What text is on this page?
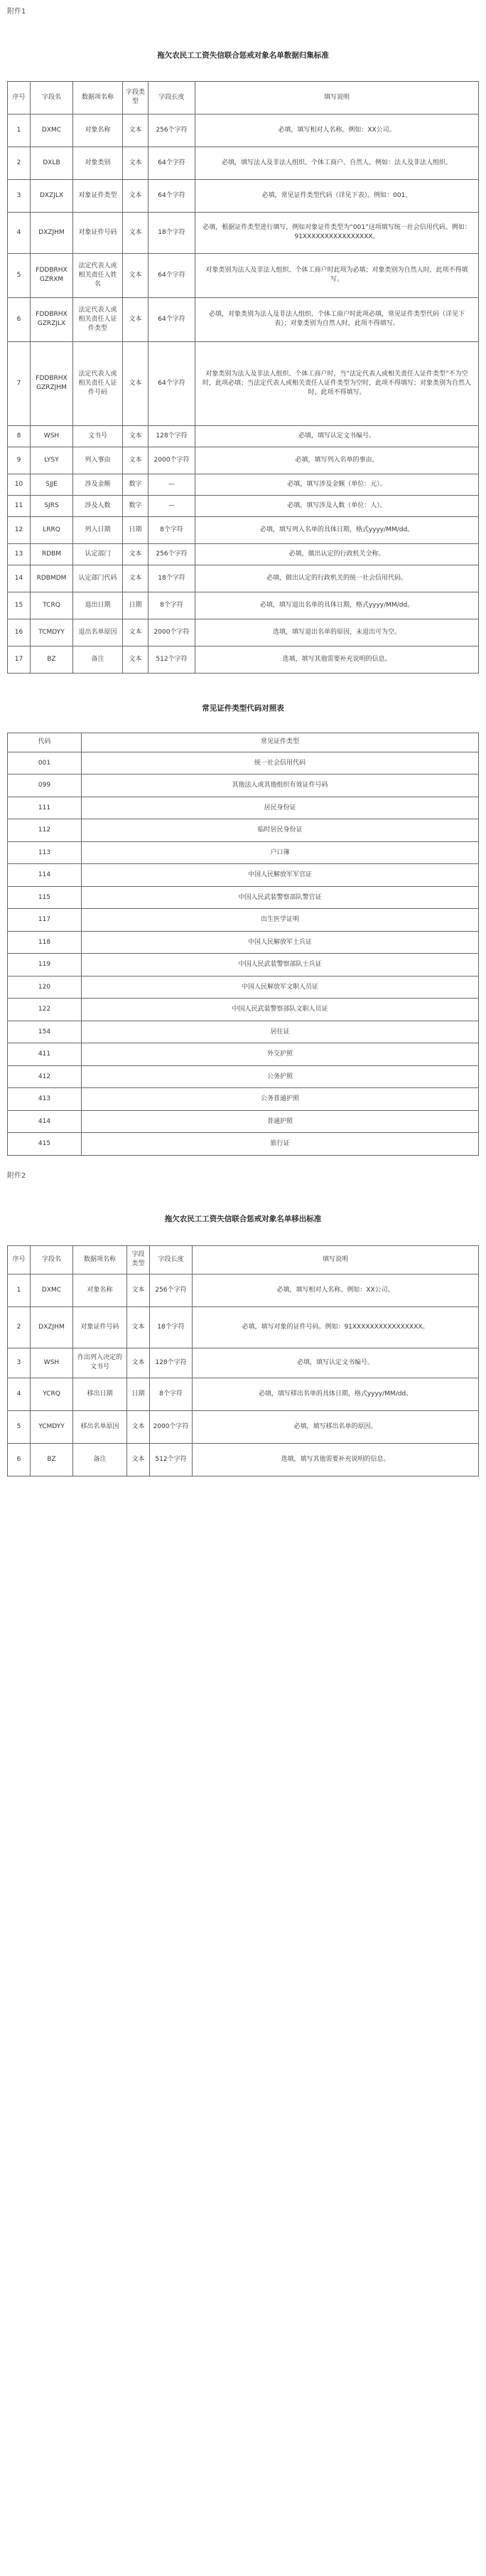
附件1
拖欠农民工工资失信联合惩戒对象名单数据归集标准
序号	字段名	数据项名称	字段类型	字段长度	填写说明
1	DXMC	对象名称	文本	256个字符	必填，填写相对人名称。例如：XX公司。
2	DXLB	对象类别	文本	64个字符	必填，填写法人及非法人组织、个体工商户、自然人。例如：法人及非法人组织。
3	DXZJLX	对象证件类型	文本	64个字符	必填，常见证件类型代码（详见下表）。例如：001。
4	DXZJHM	对象证件号码	文本	18个字符	必填，根据证件类型进行填写，例如对象证件类型为“001”这项填写统一社会信用代码。例如：91XXXXXXXXXXXXXXXX。
5	FDDBRHXGZRXM	法定代表人或相关责任人姓名	文本	64个字符	对象类别为法人及非法人组织、个体工商户时此项为必填；对象类别为自然人时，此项不得填写。
6	FDDBRHXGZRZJLX	法定代表人或相关责任人证件类型	文本	64个字符	必填，对象类别为法人及非法人组织、个体工商户时此项必填，常见证件类型代码（详见下表）；对象类别为自然人时，此项不得填写。
7	FDDBRHXGZRZJHM	法定代表人或相关责任人证件号码	文本	64个字符	对象类别为法人及非法人组织、个体工商户时，当“法定代表人或相关责任人证件类型”不为空时，此项必填；当法定代表人或相关责任人证件类型为空时，此项不得填写；对象类别为自然人时，此项不得填写。
8	WSH	文书号	文本	128个字符	必填，填写认定文书编号。
9	LYSY	列入事由	文本	2000个字符	必填，填写列入名单的事由。
10	SJJE	涉及金额	数字	—	必填，填写涉及金额（单位：元）。
11	SJRS	涉及人数	数字	—	必填，填写涉及人数（单位：人）。
12	LRRQ	列入日期	日期	8个字符	必填，填写列入名单的具体日期，格式yyyy/MM/dd。
13	RDBM	认定部门	文本	256个字符	必填，做出认定的行政机关全称。
14	RDBMDM	认定部门代码	文本	18个字符	必填，做出认定的行政机关的统一社会信用代码。
15	TCRQ	退出日期	日期	8个字符	必填，填写退出名单的具体日期，格式yyyy/MM/dd。
16	TCMDYY	退出名单原因	文本	2000个字符	选填，填写退出名单的原因，未退出可为空。
17	BZ	备注	文本	512个字符	选填，填写其他需要补充说明的信息。
常见证件类型代码对照表
代码	常见证件类型
001	统一社会信用代码
099	其他法人或其他组织有效证件号码
111	居民身份证
112	临时居民身份证
113	户口簿
114	中国人民解放军军官证
115	中国人民武装警察部队警官证
117	出生医学证明
118	中国人民解放军士兵证
119	中国人民武装警察部队士兵证
120	中国人民解放军文职人员证
122	中国人民武装警察部队文职人员证
154	居住证
411	外交护照
412	公务护照
413	公务普通护照
414	普通护照
415	旅行证
附件2
拖欠农民工工资失信联合惩戒对象名单移出标准
序号	字段名	数据项名称	字段类型	字段长度	填写说明
1	DXMC	对象名称	文本	256个字符	必填，填写相对人名称。例如：XX公司。
2	DXZJHM	对象证件号码	文本	18个字符	必填，填写对象的证件号码。例如：91XXXXXXXXXXXXXXXX。
3	WSH	作出列入决定的文书号	文本	128个字符	必填，填写认定文书编号。
4	YCRQ	移出日期	日期	8个字符	必填，填写移出名单的具体日期，格式yyyy/MM/dd。
5	YCMDYY	移出名单原因	文本	2000个字符	必填，填写移出名单的原因。
6	BZ	备注	文本	512个字符	选填，填写其他需要补充说明的信息。
